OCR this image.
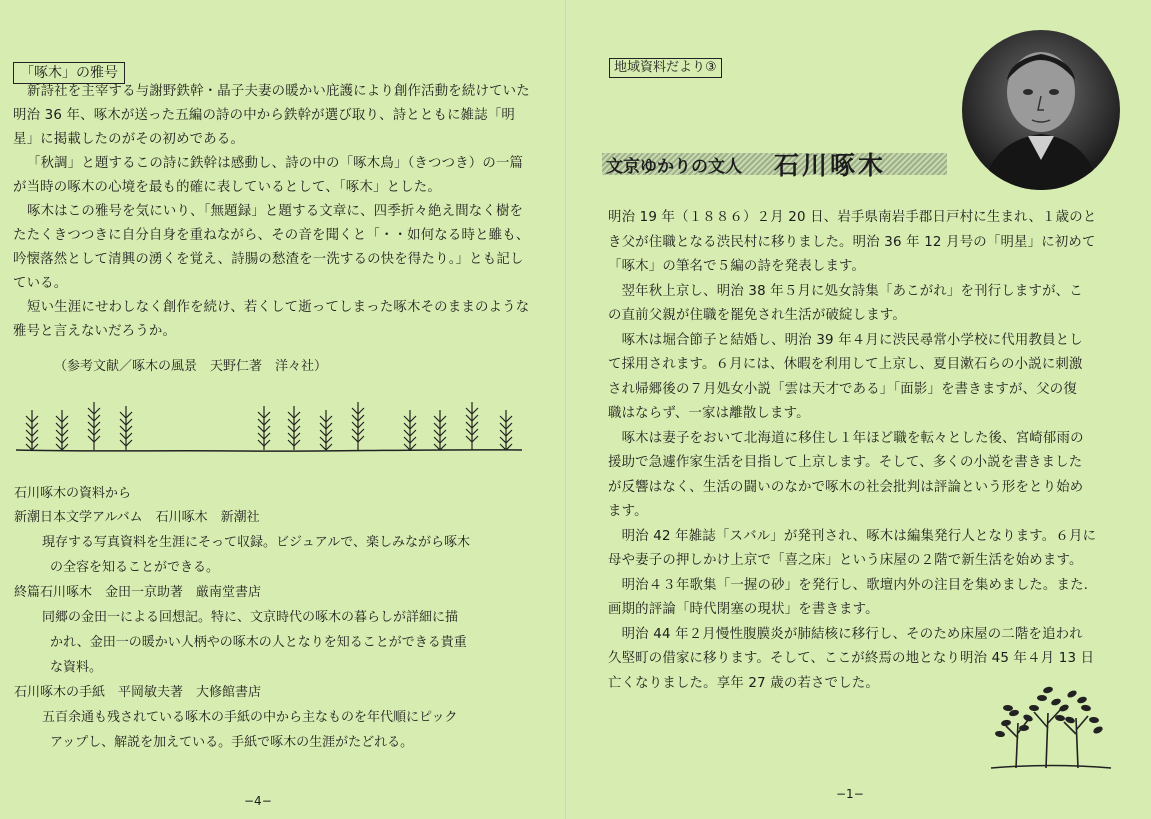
「啄木」の雅号

新詩社を主宰する与謝野鉄幹・晶子夫妻の暖かい庇護により創作活動を続けていた明治 36 年、啄木が送った五編の詩の中から鉄幹が選び取り、詩とともに雑誌「明星」に掲載したのがその初めである。

「秋調」と題するこの詩に鉄幹は感動し、詩の中の「啄木鳥」（きつつき）の一篇が当時の啄木の心境を最も的確に表しているとして、「啄木」とした。

啄木はこの雅号を気にいり、「無題録」と題する文章に、四季折々絶え間なく樹をたたくきつつきに自分自身を重ねながら、その音を聞くと「・・如何なる時と雖も、吟懐落然として清興の湧くを覚え、詩腸の愁渣を一洗するの快を得たり。」とも記している。

短い生涯にせわしなく創作を続け、若くして逝ってしまった啄木そのままのような雅号と言えないだろうか。

（参考文献／啄木の風景　天野仁著　洋々社）
石川啄木の資料から

新潮日本文学アルバム　石川啄木　新潮社

現存する写真資料を生涯にそって収録。ビジュアルで、楽しみながら啄木

の全容を知ることができる。

終篇石川啄木　金田一京助著　厳南堂書店

同郷の金田一による回想記。特に、文京時代の啄木の暮らしが詳細に描

かれ、金田一の暖かい人柄やの啄木の人となりを知ることができる貴重

な資料。

石川啄木の手紙　平岡敏夫著　大修館書店

五百余通も残されている啄木の手紙の中から主なものを年代順にピック

アップし、解説を加えている。手紙で啄木の生涯がたどれる。

−4−
地域資料だより③
文京ゆかりの文人 石川啄木

明治 19 年（１８８６）２月 20 日、岩手県南岩手郡日戸村に生まれ、１歳のと

き父が住職となる渋民村に移りました。明治 36 年 12 月号の「明星」に初めて

「啄木」の筆名で５編の詩を発表します。

　翌年秋上京し、明治 38 年５月に処女詩集「あこがれ」を刊行しますが、こ

の直前父親が住職を罷免され生活が破綻します。

　啄木は堀合節子と結婚し、明治 39 年４月に渋民尋常小学校に代用教員とし

て採用されます。６月には、休暇を利用して上京し、夏目漱石らの小説に刺激

され帰郷後の７月処女小説「雲は天才である」「面影」を書きますが、父の復

職はならず、一家は離散します。

　啄木は妻子をおいて北海道に移住し１年ほど職を転々とした後、宮崎郁雨の

援助で急遽作家生活を目指して上京します。そして、多くの小説を書きました

が反響はなく、生活の闘いのなかで啄木の社会批判は評論という形をとり始め

ます。

　明治 42 年雑誌「スバル」が発刊され、啄木は編集発行人となります。６月に

母や妻子の押しかけ上京で「喜之床」という床屋の２階で新生活を始めます。

　明治４３年歌集「一握の砂」を発行し、歌壇内外の注目を集めました。また.

画期的評論「時代閉塞の現状」を書きます。

　明治 44 年２月慢性腹膜炎が肺結核に移行し、そのため床屋の二階を追われ

久堅町の借家に移ります。そして、ここが終焉の地となり明治 45 年４月 13 日

亡くなりました。享年 27 歳の若さでした。

−1−
